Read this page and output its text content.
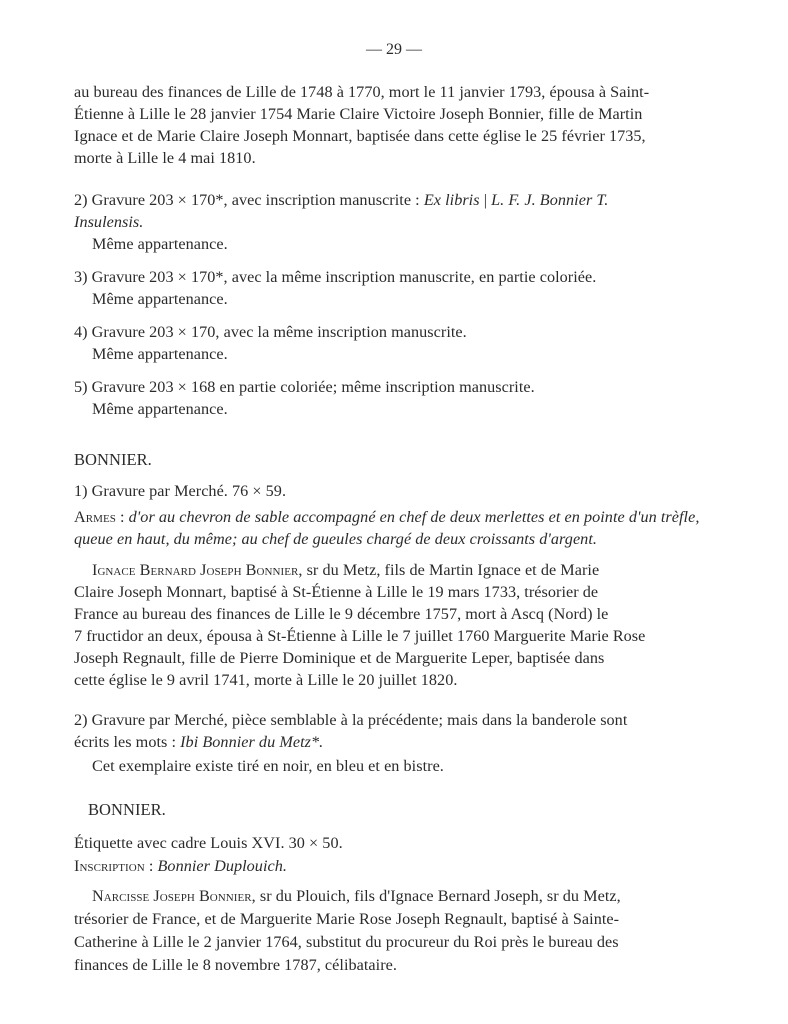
— 29 —
au bureau des finances de Lille de 1748 à 1770, mort le 11 janvier 1793, épousa à Saint-
Étienne à Lille le 28 janvier 1754 Marie Claire Victoire Joseph Bonnier, fille de Martin
Ignace et de Marie Claire Joseph Monnart, baptisée dans cette église le 25 février 1735,
morte à Lille le 4 mai 1810.
2) Gravure 203 × 170*, avec inscription manuscrite : Ex libris | L. F. J. Bonnier T.
Insulensis.
Même appartenance.
3) Gravure 203 × 170*, avec la même inscription manuscrite, en partie coloriée.
Même appartenance.
4) Gravure 203 × 170, avec la même inscription manuscrite.
Même appartenance.
5) Gravure 203 × 168 en partie coloriée; même inscription manuscrite.
Même appartenance.
BONNIER.
1) Gravure par Merché. 76 × 59.
Armes : d'or au chevron de sable accompagné en chef de deux merlettes et en pointe d'un trèfle,
queue en haut, du même; au chef de gueules chargé de deux croissants d'argent.
Ignace Bernard Joseph Bonnier, sr du Metz, fils de Martin Ignace et de Marie
Claire Joseph Monnart, baptisé à St-Étienne à Lille le 19 mars 1733, trésorier de
France au bureau des finances de Lille le 9 décembre 1757, mort à Ascq (Nord) le
7 fructidor an deux, épousa à St-Étienne à Lille le 7 juillet 1760 Marguerite Marie Rose
Joseph Regnault, fille de Pierre Dominique et de Marguerite Leper, baptisée dans
cette église le 9 avril 1741, morte à Lille le 20 juillet 1820.
2) Gravure par Merché, pièce semblable à la précédente; mais dans la banderole sont
écrits les mots : Ibi Bonnier du Metz*.
Cet exemplaire existe tiré en noir, en bleu et en bistre.
BONNIER.
Étiquette avec cadre Louis XVI. 30 × 50.
Inscription : Bonnier Duplouich.
Narcisse Joseph Bonnier, sr du Plouich, fils d'Ignace Bernard Joseph, sr du Metz,
trésorier de France, et de Marguerite Marie Rose Joseph Regnault, baptisé à Sainte-
Catherine à Lille le 2 janvier 1764, substitut du procureur du Roi près le bureau des
finances de Lille le 8 novembre 1787, célibataire.
